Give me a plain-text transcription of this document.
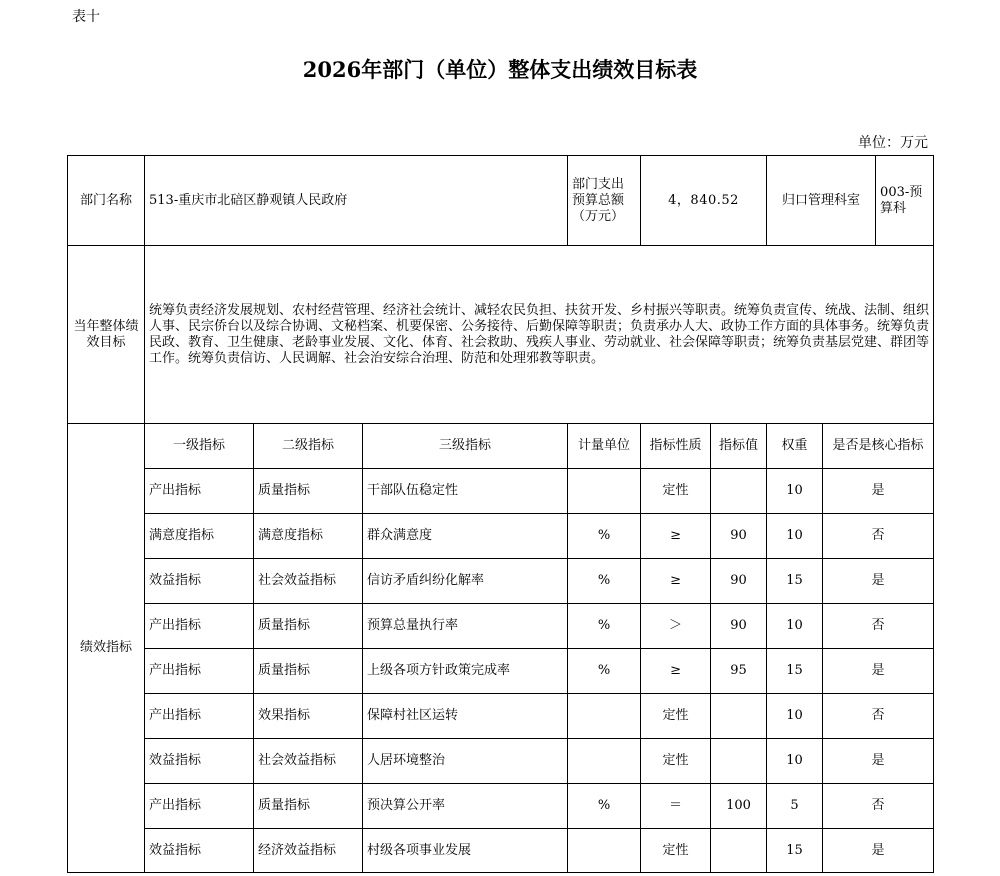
表十
2026年部门（单位）整体支出绩效目标表
单位：万元
部门名称	513-重庆市北碚区静观镇人民政府	部门支出预算总额（万元）	4，840.52		归口管理科室	003-预算科

当年整体绩效目标	统筹负责经济发展规划、农村经营管理、经济社会统计、减轻农民负担、扶贫开发、乡村振兴等职责。统筹负责宣传、统战、法制、组织人事、民宗侨台以及综合协调、文秘档案、机要保密、公务接待、后勤保障等职责；负责承办人大、政协工作方面的具体事务。统筹负责民政、教育、卫生健康、老龄事业发展、文化、体育、社会救助、残疾人事业、劳动就业、社会保障等职责；统筹负责基层党建、群团等工作。统筹负责信访、人民调解、社会治安综合治理、防范和处理邪教等职责。
绩效指标	一级指标	二级指标	三级指标	计量单位	指标性质	指标值	权重	是否是核心指标
产出指标	质量指标	干部队伍稳定性		定性		10	是
满意度指标	满意度指标	群众满意度	%	≥	90	10	否
效益指标	社会效益指标	信访矛盾纠纷化解率	%	≥	90	15	是
产出指标	质量指标	预算总量执行率	%	＞	90	10	否
产出指标	质量指标	上级各项方针政策完成率	%	≥	95	15	是
产出指标	效果指标	保障村社区运转		定性		10	否
效益指标	社会效益指标	人居环境整治		定性		10	是
产出指标	质量指标	预决算公开率	%	＝	100	5	否
效益指标	经济效益指标	村级各项事业发展		定性		15	是
